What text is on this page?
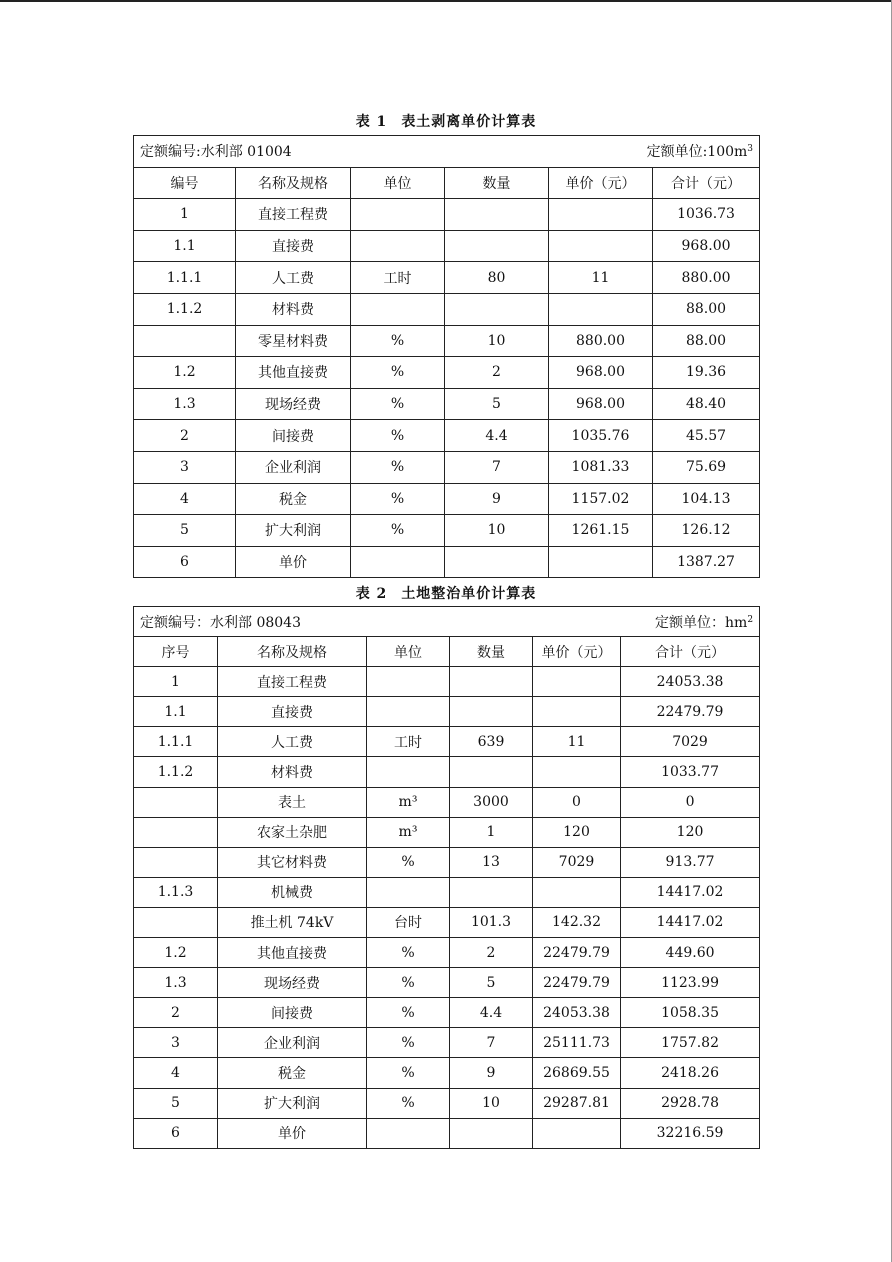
表 1 表土剥离单价计算表
定额编号:水利部 01004 定额单位$:100m^3$

编号	名称及规格	单位	数量	单价（元）	合计（元）
1	直接工程费				1036.73
1.1	直接费				968.00
1.1.1	人工费	工时	80	11	880.00
1.1.2	材料费				88.00
	零星材料费	%	10	880.00	88.00
1.2	其他直接费	%	2	968.00	19.36
1.3	现场经费	%	5	968.00	48.40
2	间接费	%	4.4	1035.76	45.57
3	企业利润	%	7	1081.33	75.69
4	税金	%	9	1157.02	104.13
5	扩大利润	%	10	1261.15	126.12
6	单价				1387.27
表 2 土地整治单价计算表
定额编号：水利部 08043 定额单位：$hm^2$

序号	名称及规格	单位	数量	单价（元）	合计（元）
1	直接工程费				24053.38
1.1	直接费				22479.79
1.1.1	人工费	工时	639	11	7029
1.1.2	材料费				1033.77
	表土	m³	3000	0	0
	农家土杂肥	m³	1	120	120
	其它材料费	%	13	7029	913.77
1.1.3	机械费				14417.02
	推土机 74kV	台时	101.3	142.32	14417.02
1.2	其他直接费	%	2	22479.79	449.60
1.3	现场经费	%	5	22479.79	1123.99
2	间接费	%	4.4	24053.38	1058.35
3	企业利润	%	7	25111.73	1757.82
4	税金	%	9	26869.55	2418.26
5	扩大利润	%	10	29287.81	2928.78
6	单价				32216.59
